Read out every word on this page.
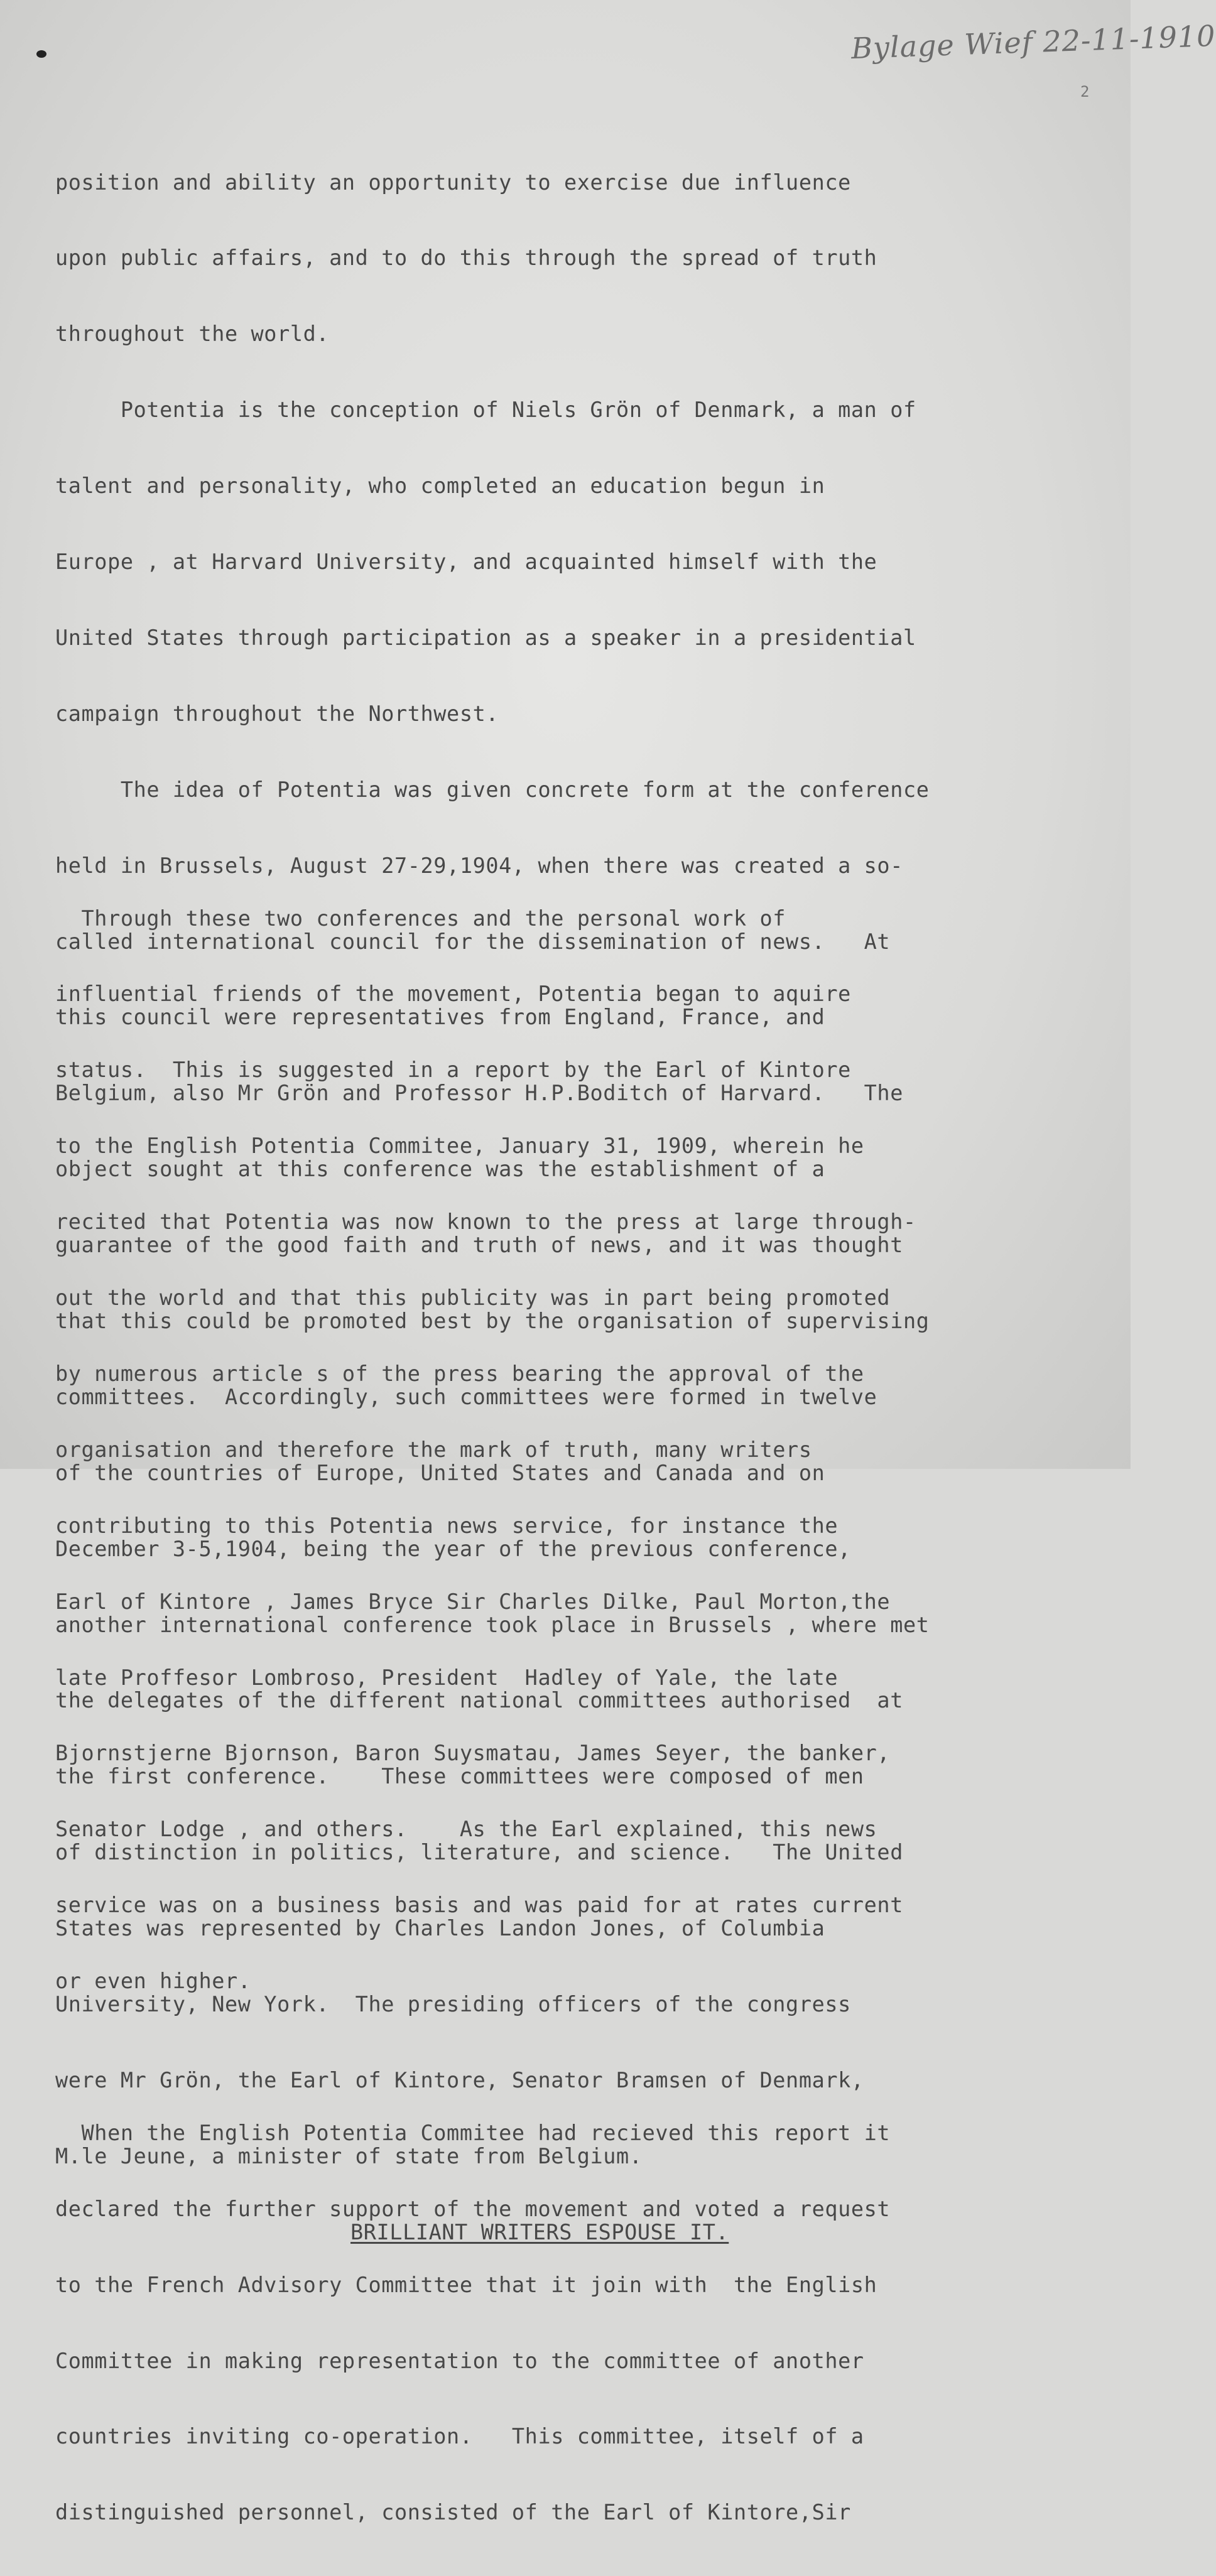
Bylage Wief 22-11-1910
2

position and ability an opportunity to exercise due influence

upon public affairs, and to do this through the spread of truth

throughout the world.

Potentia is the conception of Niels Grön of Denmark, a man of

talent and personality, who completed an education begun in

Europe , at Harvard University, and acquainted himself with the

United States through participation as a speaker in a presidential

campaign throughout the Northwest.

The idea of Potentia was given concrete form at the conference

held in Brussels, August 27-29,1904, when there was created a so-

called international council for the dissemination of news.   At

this council were representatives from England, France, and

Belgium, also Mr Grön and Professor H.P.Boditch of Harvard.   The

object sought at this conference was the establishment of a

guarantee of the good faith and truth of news, and it was thought

that this could be promoted best by the organisation of supervising

committees.  Accordingly, such committees were formed in twelve

of the countries of Europe, United States and Canada and on

December 3-5,1904, being the year of the previous conference,

another international conference took place in Brussels , where met

the delegates of the different national committees authorised  at

the first conference.    These committees were composed of men

of distinction in politics, literature, and science.   The United

States was represented by Charles Landon Jones, of Columbia

University, New York.  The presiding officers of the congress

were Mr Grön, the Earl of Kintore, Senator Bramsen of Denmark,

M.le Jeune, a minister of state from Belgium.

BRILLIANT WRITERS ESPOUSE IT.

Through these two conferences and the personal work of

influential friends of the movement, Potentia began to aquire

status.  This is suggested in a report by the Earl of Kintore

to the English Potentia Commitee, January 31, 1909, wherein he

recited that Potentia was now known to the press at large through-

out the world and that this publicity was in part being promoted

by numerous article s of the press bearing the approval of the

organisation and therefore the mark of truth, many writers

contributing to this Potentia news service, for instance the

Earl of Kintore , James Bryce Sir Charles Dilke, Paul Morton,the

late Proffesor Lombroso, President  Hadley of Yale, the late

Bjornstjerne Bjornson, Baron Suysmatau, James Seyer, the banker,

Senator Lodge , and others.    As the Earl explained, this news

service was on a business basis and was paid for at rates current

or even higher.

When the English Potentia Commitee had recieved this report it

declared the further support of the movement and voted a request

to the French Advisory Committee that it join with  the English

Committee in making representation to the committee of another

countries inviting co-operation.   This committee, itself of a

distinguished personnel, consisted of the Earl of Kintore,Sir
